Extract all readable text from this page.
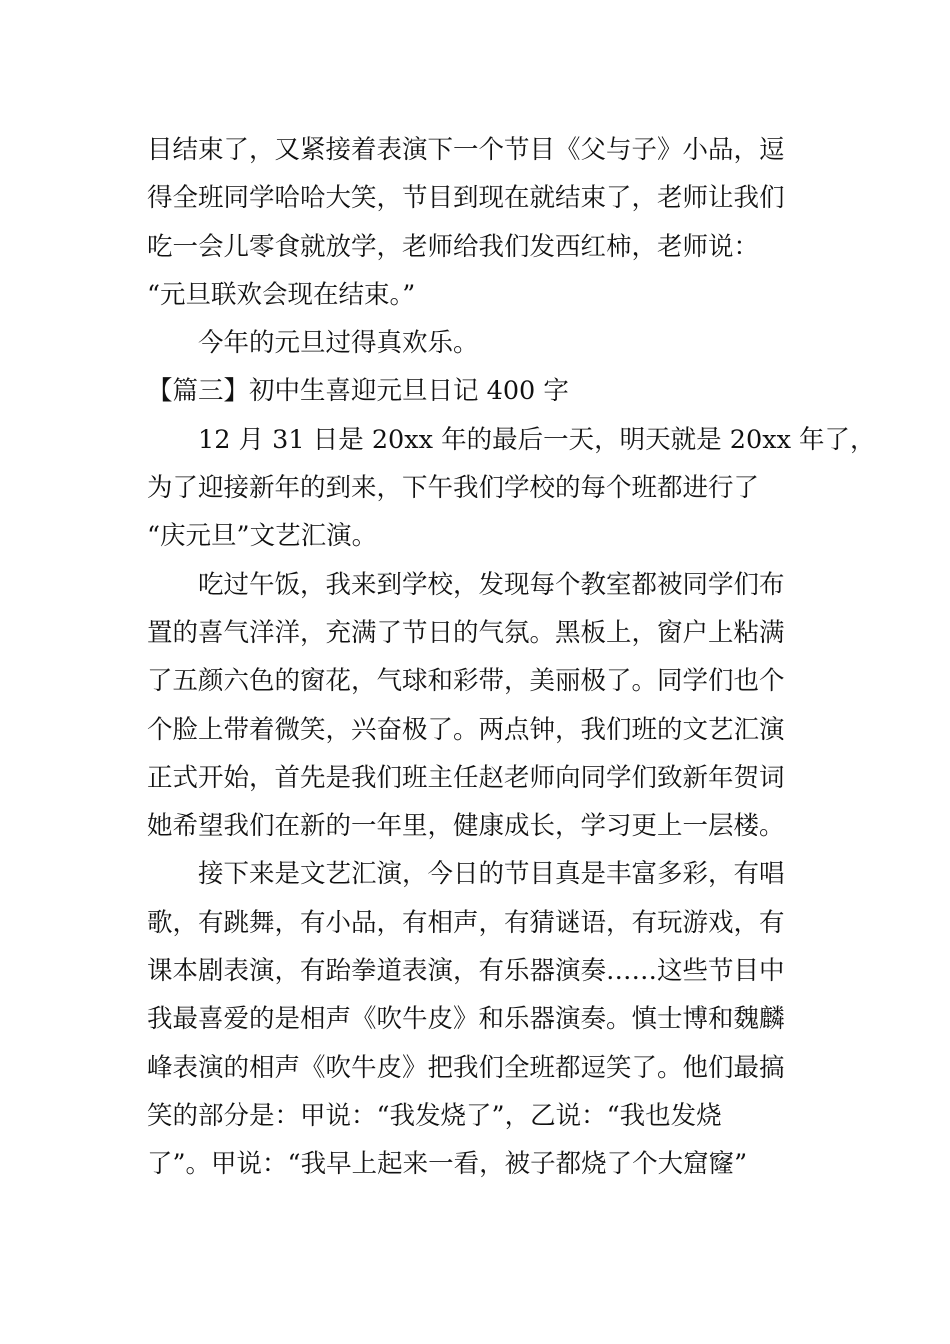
目结束了，又紧接着表演下一个节目《父与子》小品，逗
得全班同学哈哈大笑，节目到现在就结束了，老师让我们
吃一会儿零食就放学，老师给我们发西红柿，老师说：
“元旦联欢会现在结束。”
今年的元旦过得真欢乐。
【篇三】初中生喜迎元旦日记 400 字
12 月 31 日是 20xx 年的最后一天，明天就是 20xx 年了，
为了迎接新年的到来，下午我们学校的每个班都进行了
“庆元旦”文艺汇演。
吃过午饭，我来到学校，发现每个教室都被同学们布
置的喜气洋洋，充满了节日的气氛。黑板上，窗户上粘满
了五颜六色的窗花，气球和彩带，美丽极了。同学们也个
个脸上带着微笑，兴奋极了。两点钟，我们班的文艺汇演
正式开始，首先是我们班主任赵老师向同学们致新年贺词
她希望我们在新的一年里，健康成长，学习更上一层楼。
接下来是文艺汇演，今日的节目真是丰富多彩，有唱
歌，有跳舞，有小品，有相声，有猜谜语，有玩游戏，有
课本剧表演，有跆拳道表演，有乐器演奏……这些节目中
我最喜爱的是相声《吹牛皮》和乐器演奏。慎士博和魏麟
峰表演的相声《吹牛皮》把我们全班都逗笑了。他们最搞
笑的部分是：甲说：“我发烧了”，乙说：“我也发烧
了”。甲说：“我早上起来一看，被子都烧了个大窟窿”
